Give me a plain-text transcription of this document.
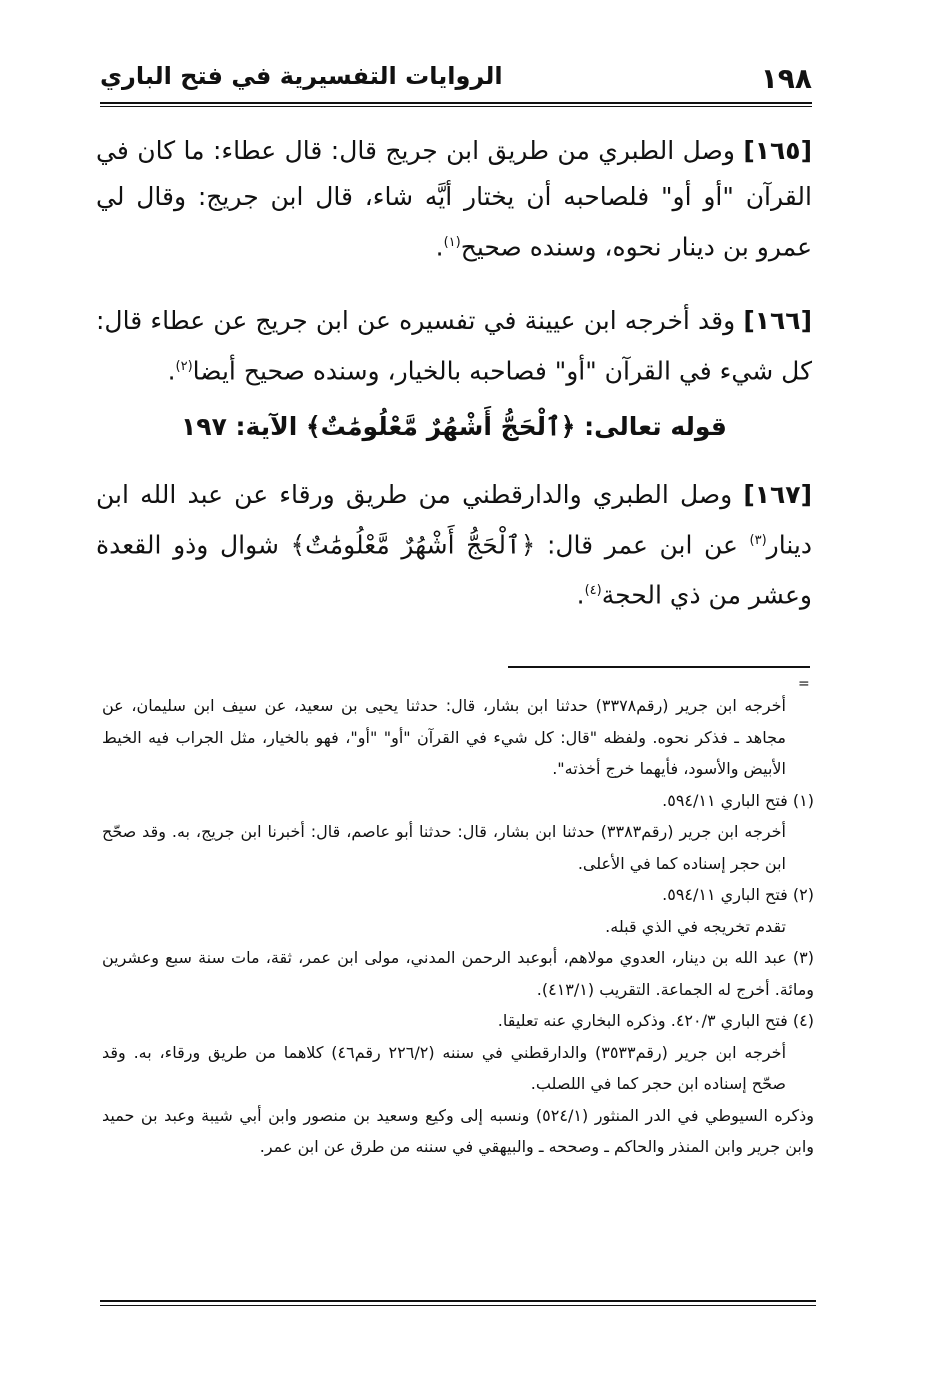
١٩٨
الروايات التفسيرية في فتح الباري
[١٦٥] وصل الطبري من طريق ابن جريج قال: قال عطاء: ما كان في القرآن "أو أو" فلصاحبه أن يختار أيَّه شاء، قال ابن جريج: وقال لي عمرو بن دينار نحوه، وسنده صحيح$^{(١)}$.
[١٦٦] وقد أخرجه ابن عيينة في تفسيره عن ابن جريج عن عطاء قال: كل شيء في القرآن "أو" فصاحبه بالخيار، وسنده صحيح أيضا$^{(٢)}$.
قوله تعالى: ﴿ٱلْحَجُّ أَشْهُرٌ مَّعْلُومَٰتٌ﴾ الآية: ١٩٧
[١٦٧] وصل الطبري والدارقطني من طريق ورقاء عن عبد الله ابن دينار$^{(٣)}$ عن ابن عمر قال: ﴿ٱلْحَجُّ أَشْهُرٌ مَّعْلُومَٰتٌ﴾ شوال وذو القعدة وعشر من ذي الحجة$^{(٤)}$.
=

أخرجه ابن جرير (رقم٣٣٧٨) حدثنا ابن بشار، قال: حدثنا يحيى بن سعيد، عن سيف ابن سليمان، عن مجاهد ـ فذكر نحوه. ولفظه "قال: كل شيء في القرآن "أو" "أو"، فهو بالخيار، مثل الجراب فيه الخيط الأبيض والأسود، فأيهما خرج أخذته".

(١) فتح الباري ٥٩٤/١١.

أخرجه ابن جرير (رقم٣٣٨٣) حدثنا ابن بشار، قال: حدثنا أبو عاصم، قال: أخبرنا ابن جريج، به. وقد صحّح ابن حجر إسناده كما في الأعلى.

(٢) فتح الباري ٥٩٤/١١.

تقدم تخريجه في الذي قبله.

(٣) عبد الله بن دينار، العدوي مولاهم، أبوعبد الرحمن المدني، مولى ابن عمر، ثقة، مات سنة سبع وعشرين ومائة. أخرج له الجماعة. التقريب (٤١٣/١).

(٤) فتح الباري ٤٢٠/٣. وذكره البخاري عنه تعليقا.

أخرجه ابن جرير (رقم٣٥٣٣) والدارقطني في سننه (٢٢٦/٢ رقم٤٦) كلاهما من طريق ورقاء، به. وقد صحّح إسناده ابن حجر كما في اللصلب.

وذكره السيوطي في الدر المنثور (٥٢٤/١) ونسبه إلى وكيع وسعيد بن منصور وابن أبي شيبة وعبد بن حميد وابن جرير وابن المنذر والحاكم ـ وصححه ـ والبيهقي في سننه من طرق عن ابن عمر.
